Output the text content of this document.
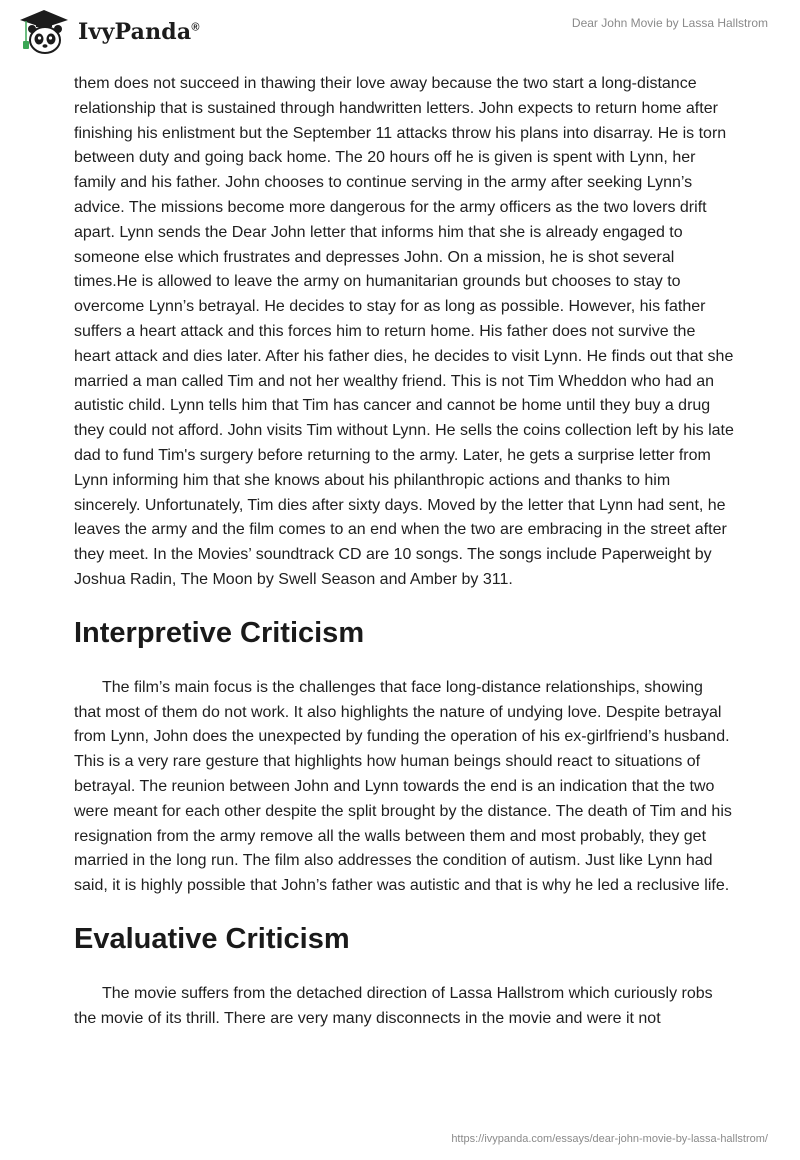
IvyPanda®	Dear John Movie by Lassa Hallstrom

them does not succeed in thawing their love away because the two start a long-distance relationship that is sustained through handwritten letters. John expects to return home after finishing his enlistment but the September 11 attacks throw his plans into disarray. He is torn between duty and going back home. The 20 hours off he is given is spent with Lynn, her family and his father. John chooses to continue serving in the army after seeking Lynn’s advice. The missions become more dangerous for the army officers as the two lovers drift apart. Lynn sends the Dear John letter that informs him that she is already engaged to someone else which frustrates and depresses John. On a mission, he is shot several times.He is allowed to leave the army on humanitarian grounds but chooses to stay to overcome Lynn’s betrayal. He decides to stay for as long as possible. However, his father suffers a heart attack and this forces him to return home. His father does not survive the heart attack and dies later. After his father dies, he decides to visit Lynn. He finds out that she married a man called Tim and not her wealthy friend. This is not Tim Wheddon who had an autistic child. Lynn tells him that Tim has cancer and cannot be home until they buy a drug they could not afford. John visits Tim without Lynn. He sells the coins collection left by his late dad to fund Tim's surgery before returning to the army. Later, he gets a surprise letter from Lynn informing him that she knows about his philanthropic actions and thanks to him sincerely. Unfortunately, Tim dies after sixty days. Moved by the letter that Lynn had sent, he leaves the army and the film comes to an end when the two are embracing in the street after they meet. In the Movies’ soundtrack CD are 10 songs. The songs include Paperweight by Joshua Radin, The Moon by Swell Season and Amber by 311.

Interpretive Criticism

The film’s main focus is the challenges that face long-distance relationships, showing that most of them do not work. It also highlights the nature of undying love. Despite betrayal from Lynn, John does the unexpected by funding the operation of his ex-girlfriend’s husband. This is a very rare gesture that highlights how human beings should react to situations of betrayal. The reunion between John and Lynn towards the end is an indication that the two were meant for each other despite the split brought by the distance. The death of Tim and his resignation from the army remove all the walls between them and most probably, they get married in the long run. The film also addresses the condition of autism. Just like Lynn had said, it is highly possible that John’s father was autistic and that is why he led a reclusive life.

Evaluative Criticism

The movie suffers from the detached direction of Lassa Hallstrom which curiously robs the movie of its thrill. There are very many disconnects in the movie and were it not

https://ivypanda.com/essays/dear-john-movie-by-lassa-hallstrom/
